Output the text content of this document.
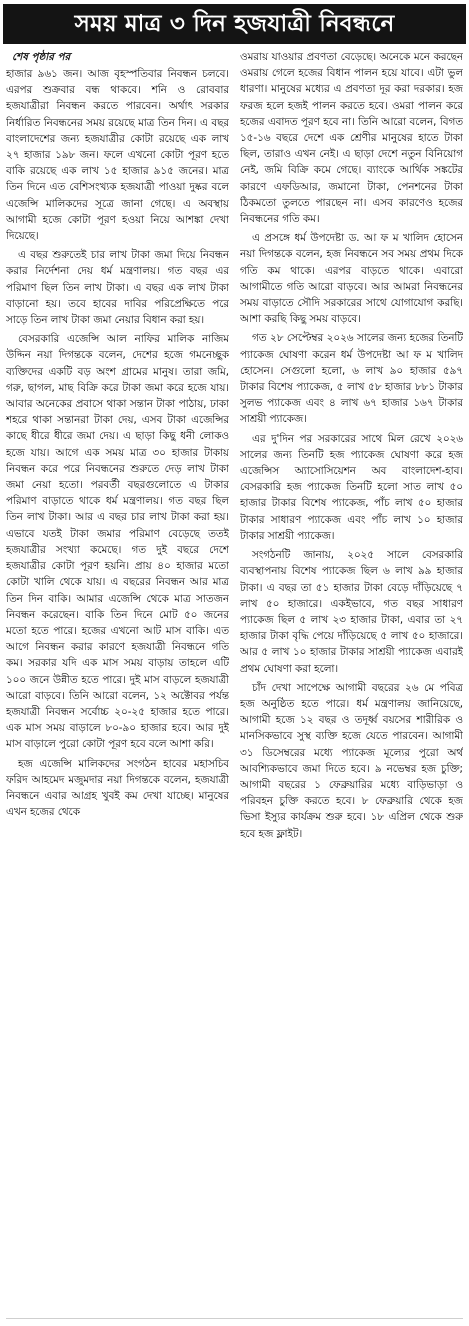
সময় মাত্র ৩ দিন হজযাত্রী নিবন্ধনে
শেষ পৃষ্ঠার পর

হাজার ৯৬১ জন। আজ বৃহস্পতিবার নিবন্ধন চলবে। এরপর শুক্রবার বন্ধ থাকবে। শনি ও রোববার হজযাত্রীরা নিবন্ধন করতে পারবেন। অর্থাৎ সরকার নির্ধারিত নিবন্ধনের সময় রয়েছে মাত্র তিন দিন। এ বছর বাংলাদেশের জন্য হজযাত্রীর কোটা রয়েছে এক লাখ ২৭ হাজার ১৯৮ জন। ফলে এখনো কোটা পূরণ হতে বাকি রয়েছে এক লাখ ১৫ হাজার ৯১৫ জনের। মাত্র তিন দিনে এত বেশিসংখ্যক হজযাত্রী পাওয়া দুষ্কর বলে এজেন্সি মালিকদের সূত্রে জানা গেছে। এ অবস্থায় আগামী হজে কোটা পূরণ হওয়া নিয়ে আশঙ্কা দেখা দিয়েছে।

এ বছর শুরুতেই চার লাখ টাকা জমা দিয়ে নিবন্ধন করার নির্দেশনা দেয় ধর্ম মন্ত্রণালয়। গত বছর এর পরিমাণ ছিল তিন লাখ টাকা। এ বছর এক লাখ টাকা বাড়ানো হয়। তবে হাবের দাবির পরিপ্রেক্ষিতে পরে সাড়ে তিন লাখ টাকা জমা নেয়ার বিধান করা হয়।

বেসরকারি এজেন্সি আল নাফির মালিক নাজিম উদ্দিন নয়া দিগন্তকে বলেন, দেশের হজে গমনেচ্ছুক ব্যক্তিদের একটি বড় অংশ গ্রামের মানুষ। তারা জমি, গরু, ছাগল, মাছ বিক্রি করে টাকা জমা করে হজে যায়। আবার অনেকের প্রবাসে থাকা সন্তান টাকা পাঠায়, ঢাকা শহরে থাকা সন্তানরা টাকা দেয়, এসব টাকা এজেন্সির কাছে ধীরে ধীরে জমা দেয়। এ ছাড়া কিছু ধনী লোকও হজে যায়। আগে এক সময় মাত্র ৩০ হাজার টাকায় নিবন্ধন করে পরে নিবন্ধনের শুরুতে দেড় লাখ টাকা জমা নেয়া হতো। পরবর্তী বছরগুলোতে এ টাকার পরিমাণ বাড়াতে থাকে ধর্ম মন্ত্রণালয়। গত বছর ছিল তিন লাখ টাকা। আর এ বছর চার লাখ টাকা করা হয়। এভাবে যতই টাকা জমার পরিমাণ বেড়েছে ততই হজযাত্রীর সংখ্যা কমেছে। গত দুই বছরে দেশে হজযাত্রীর কোটা পূরণ হয়নি। প্রায় ৪০ হাজার মতো কোটা খালি থেকে যায়। এ বছরের নিবন্ধন আর মাত্র তিন দিন বাকি। আমার এজেন্সি থেকে মাত্র সাতজন নিবন্ধন করেছেন। বাকি তিন দিনে মোট ৫০ জনের মতো হতে পারে। হজের এখনো আট মাস বাকি। এত আগে নিবন্ধন করার কারণে হজযাত্রী নিবন্ধনে গতি কম। সরকার যদি এক মাস সময় বাড়ায় তাহলে এটি ১০০ জনে উন্নীত হতে পারে। দুই মাস বাড়লে হজযাত্রী আরো বাড়বে। তিনি আরো বলেন, ১২ অক্টোবর পর্যন্ত হজযাত্রী নিবন্ধন সর্বোচ্চ ২০-২৫ হাজার হতে পারে। এক মাস সময় বাড়ালে ৮০-৯০ হাজার হবে। আর দুই মাস বাড়ালে পুরো কোটা পূরণ হবে বলে আশা করি।

হজ এজেন্সি মালিকদের সংগঠন হাবের মহাসচিব ফরিদ আহমেদ মজুমদার নয়া দিগন্তকে বলেন, হজযাত্রী নিবন্ধনে এবার আগ্রহ খুবই কম দেখা যাচ্ছে। মানুষের এখন হজের থেকে

ওমরায় যাওয়ার প্রবণতা বেড়েছে। অনেকে মনে করছেন ওমরায় গেলে হজের বিধান পালন হয়ে যাবে। এটা ভুল ধারণা। মানুষের মধ্যের এ প্রবণতা দূর করা দরকার। হজ ফরজ হলে হজই পালন করতে হবে। ওমরা পালন করে হজের এবাদত পূরণ হবে না। তিনি আরো বলেন, বিগত ১৫-১৬ বছরে দেশে এক শ্রেণীর মানুষের হাতে টাকা ছিল, তারাও এখন নেই। এ ছাড়া দেশে নতুন বিনিয়োগ নেই, জমি বিক্রি কমে গেছে। ব্যাংকে আর্থিক সঙ্কটের কারণে এফডিআর, জমানো টাকা, পেনশনের টাকা ঠিকমতো তুলতে পারছেন না। এসব কারণেও হজের নিবন্ধনের গতি কম।

এ প্রসঙ্গে ধর্ম উপদেষ্টা ড. আ ফ ম খালিদ হোসেন নয়া দিগন্তকে বলেন, হজ নিবন্ধনে সব সময় প্রথম দিকে গতি কম থাকে। এরপর বাড়তে থাকে। এবারো আগামীতে গতি আরো বাড়বে। আর আমরা নিবন্ধনের সময় বাড়াতে সৌদি সরকারের সাথে যোগাযোগ করছি। আশা করছি কিছু সময় বাড়বে।

গত ২৮ সেপ্টেম্বর ২০২৬ সালের জন্য হজের তিনটি প্যাকেজ ঘোষণা করেন ধর্ম উপদেষ্টা আ ফ ম খালিদ হোসেন। সেগুলো হলো, ৬ লাখ ৯০ হাজার ৫৯৭ টাকার বিশেষ প্যাকেজ, ৫ লাখ ৫৮ হাজার ৮৮১ টাকার সুলভ প্যাকেজ এবং ৪ লাখ ৬৭ হাজার ১৬৭ টাকার সাশ্রয়ী প্যাকেজ।

এর দু'দিন পর সরকারের সাথে মিল রেখে ২০২৬ সালের জন্য তিনটি হজ প্যাকেজ ঘোষণা করে হজ এজেন্সিস অ্যাসোসিয়েশন অব বাংলাদেশ-হাব। বেসরকারি হজ প্যাকেজ তিনটি হলো সাত লাখ ৫০ হাজার টাকার বিশেষ প্যাকেজ, পাঁচ লাখ ৫০ হাজার টাকার সাধারণ প্যাকেজ এবং পাঁচ লাখ ১০ হাজার টাকার সাশ্রয়ী প্যাকেজ।

সংগঠনটি জানায়, ২০২৫ সালে বেসরকারি ব্যবস্থাপনায় বিশেষ প্যাকেজ ছিল ৬ লাখ ৯৯ হাজার টাকা। এ বছর তা ৫১ হাজার টাকা বেড়ে দাঁড়িয়েছে ৭ লাখ ৫০ হাজারে। একইভাবে, গত বছর সাধারণ প্যাকেজ ছিল ৫ লাখ ২৩ হাজার টাকা, এবার তা ২৭ হাজার টাকা বৃদ্ধি পেয়ে দাঁড়িয়েছে ৫ লাখ ৫০ হাজারে। আর ৫ লাখ ১০ হাজার টাকার সাশ্রয়ী প্যাকেজ এবারই প্রথম ঘোষণা করা হলো।

চাঁদ দেখা সাপেক্ষে আগামী বছরের ২৬ মে পবিত্র হজ অনুষ্ঠিত হতে পারে। ধর্ম মন্ত্রণালয় জানিয়েছে, আগামী হজে ১২ বছর ও তদূর্ধ্ব বয়সের শারীরিক ও মানসিকভাবে সুস্থ ব্যক্তি হজে যেতে পারবেন। আগামী ৩১ ডিসেম্বরের মধ্যে প্যাকেজ মূল্যের পুরো অর্থ আবশ্যিকভাবে জমা দিতে হবে। ৯ নভেম্বর হজ চুক্তি; আগামী বছরের ১ ফেব্রুয়ারির মধ্যে বাড়িভাড়া ও পরিবহন চুক্তি করতে হবে। ৮ ফেব্রুয়ারি থেকে হজ ভিসা ইস্যুর কার্যক্রম শুরু হবে। ১৮ এপ্রিল থেকে শুরু হবে হজ ফ্লাইট।
